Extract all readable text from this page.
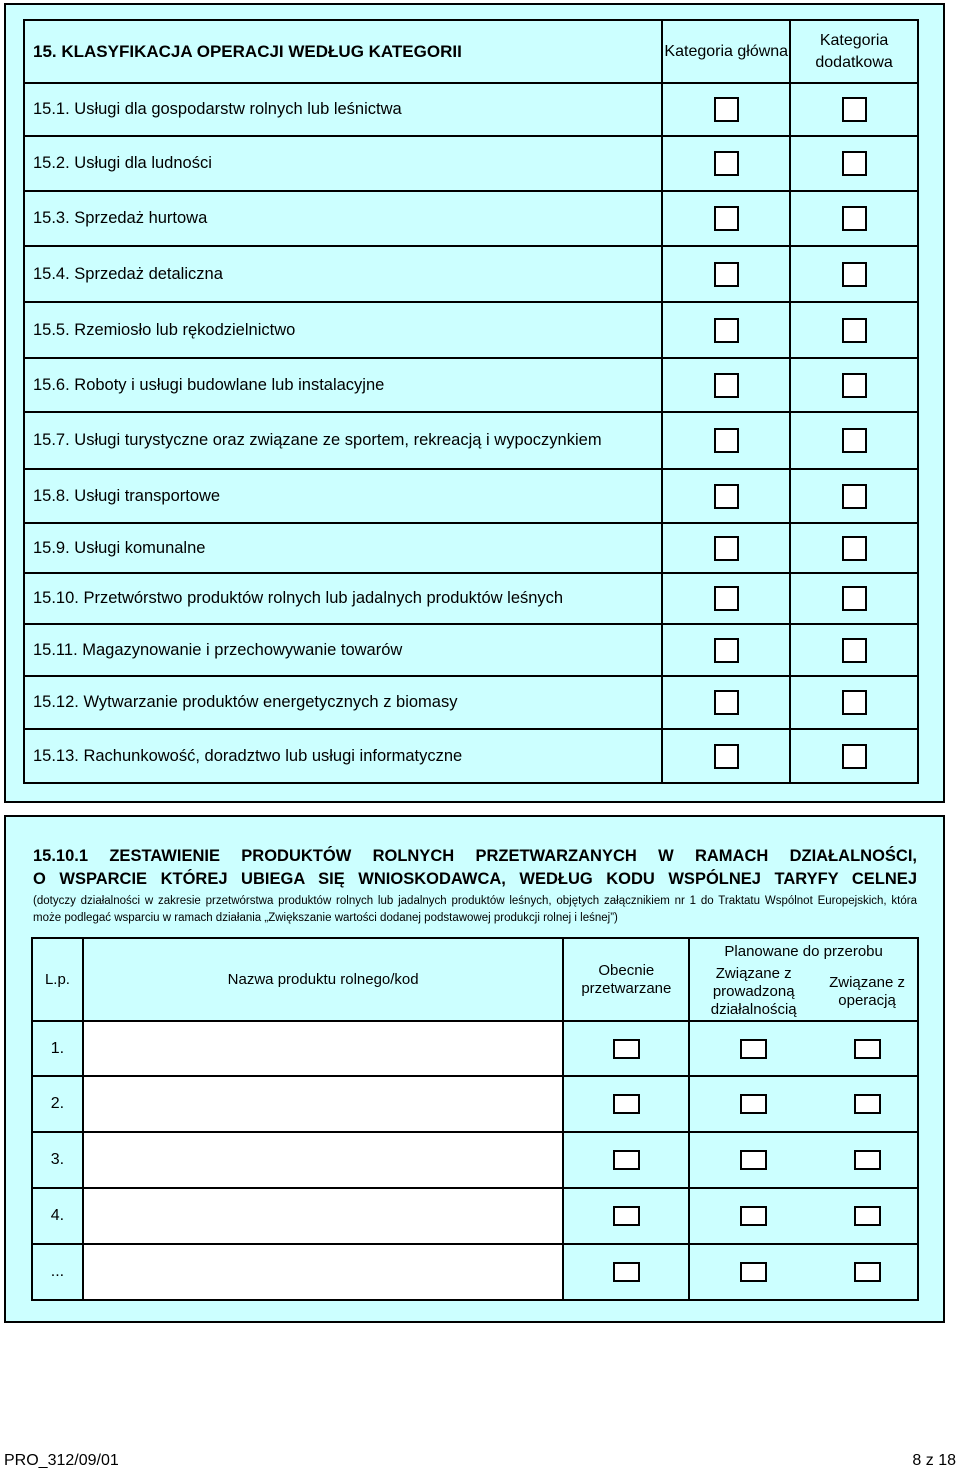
15. KLASYFIKACJA OPERACJI WEDŁUG KATEGORII	Kategoria główna	Kategoria dodatkowa
15.1. Usługi dla gospodarstw rolnych lub leśnictwa		
15.2. Usługi dla ludności		
15.3. Sprzedaż hurtowa		
15.4. Sprzedaż detaliczna		
15.5. Rzemiosło lub rękodzielnictwo		
15.6. Roboty i usługi budowlane lub instalacyjne		
15.7. Usługi turystyczne oraz związane ze sportem, rekreacją i wypoczynkiem		
15.8. Usługi transportowe		
15.9. Usługi komunalne		
15.10. Przetwórstwo produktów rolnych lub jadalnych produktów leśnych		
15.11. Magazynowanie i przechowywanie towarów		
15.12. Wytwarzanie produktów energetycznych z biomasy		
15.13. Rachunkowość, doradztwo lub usługi informatyczne		
15.10.1 ZESTAWIENIE PRODUKTÓW ROLNYCH PRZETWARZANYCH W RAMACH DZIAŁALNOŚCI,
O WSPARCIE KTÓREJ UBIEGA SIĘ WNIOSKODAWCA, WEDŁUG KODU WSPÓLNEJ TARYFY CELNEJ
(dotyczy działalności w zakresie przetwórstwa produktów rolnych lub jadalnych produktów leśnych, objętych załącznikiem nr 1 do Traktatu Wspólnot Europejskich, która może podlegać wsparciu w ramach działania „Zwiększanie wartości dodanej podstawowej produkcji rolnej i leśnej”)
L.p.	Nazwa produktu rolnego/kod	Obecnie przetwarzane	Planowane do przerobu	
			Związane z prowadzoną działalnością	Związane z operacją
1.				
2.				
3.				
4.				
...				
PRO_312/09/01	8 z 18
